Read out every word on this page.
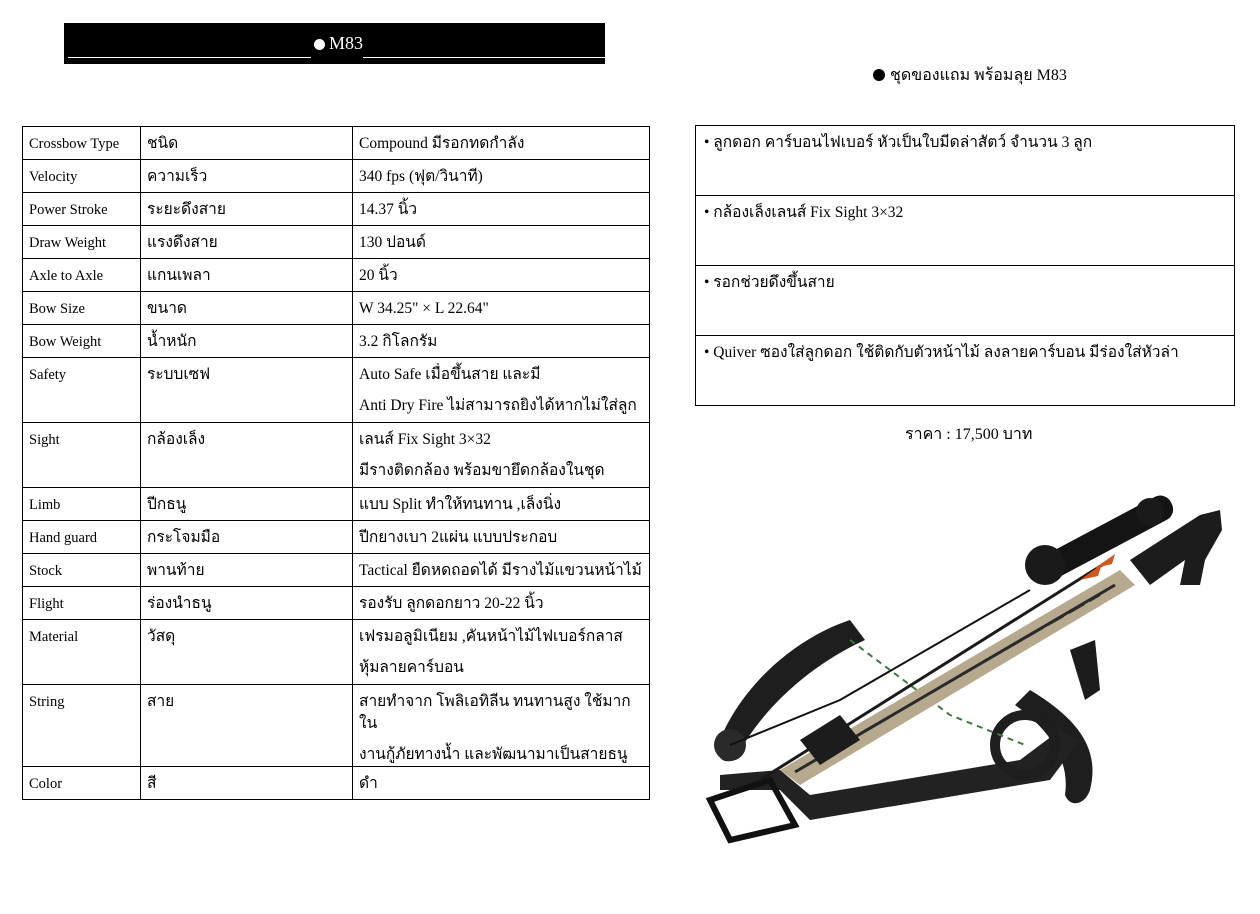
M83
ชุดของแถม พร้อมลุย M83
Crossbow Type	ชนิด	Compound มีรอกทดกำลัง
Velocity	ความเร็ว	340 fps (ฟุต/วินาที)
Power Stroke	ระยะดึงสาย	14.37 นิ้ว
Draw Weight	แรงดึงสาย	130 ปอนด์
Axle to Axle	แกนเพลา	20 นิ้ว
Bow Size	ขนาด	W 34.25" × L 22.64"
Bow Weight	น้ำหนัก	3.2 กิโลกรัม
Safety	ระบบเซฟ	Auto Safe เมื่อขึ้นสาย และมี
Anti Dry Fire ไม่สามารถยิงได้หากไม่ใส่ลูก

Sight	กล้องเล็ง	เลนส์ Fix Sight 3×32
มีรางติดกล้อง พร้อมขายึดกล้องในชุด

Limb	ปีกธนู	แบบ Split ทำให้ทนทาน ,เล็งนิ่ง
Hand guard	กระโจมมือ	ปีกยางเบา 2แผ่น แบบประกอบ
Stock	พานท้าย	Tactical ยืดหดถอดได้ มีรางไม้แขวนหน้าไม้
Flight	ร่องนำธนู	รองรับ ลูกดอกยาว 20-22 นิ้ว
Material	วัสดุ	เฟรมอลูมิเนียม ,คันหน้าไม้ไฟเบอร์กลาส
หุ้มลายคาร์บอน

String	สาย	สายทำจาก โพลิเอทิลีน ทนทานสูง ใช้มากใน
งานกู้ภัยทางน้ำ และพัฒนามาเป็นสายธนู

Color	สี	ดำ
• ลูกดอก คาร์บอนไฟเบอร์ หัวเป็นใบมีดล่าสัตว์ จำนวน 3 ลูก
• กล้องเล็งเลนส์ Fix Sight 3×32
• รอกช่วยดึงขึ้นสาย
• Quiver ซองใส่ลูกดอก ใช้ติดกับตัวหน้าไม้ ลงลายคาร์บอน มีร่องใส่หัวล่า
ราคา : 17,500 บาท
